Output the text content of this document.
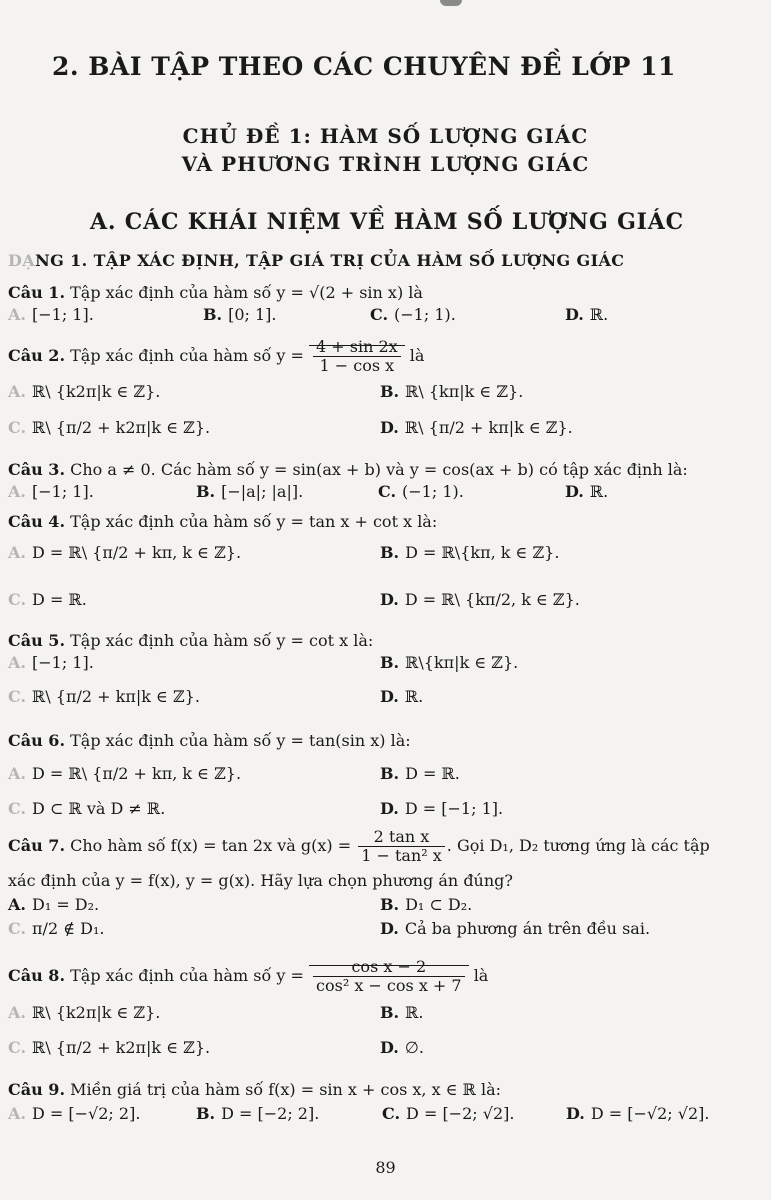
2. BÀI TẬP THEO CÁC CHUYÊN ĐỀ LỚP 11
CHỦ ĐỀ 1: HÀM SỐ LƯỢNG GIÁC
VÀ PHƯƠNG TRÌNH LƯỢNG GIÁC
A. CÁC KHÁI NIỆM VỀ HÀM SỐ LƯỢNG GIÁC
DẠNG 1. TẬP XÁC ĐỊNH, TẬP GIÁ TRỊ CỦA HÀM SỐ LƯỢNG GIÁC
Câu 1. Tập xác định của hàm số y = √(2 + sin x) là
A. [−1; 1].	B. [0; 1].	C. (−1; 1).	D. ℝ.
Câu 2. Tập xác định của hàm số $y = \frac{4 + \sin 2x}{\text{1 − cos x}}$ là
A. ℝ\ {k2π|k ∈ ℤ}.	B. ℝ\ {kπ|k ∈ ℤ}.
C. ℝ\ {π/2 + k2π|k ∈ ℤ}.	D. ℝ\ {π/2 + kπ|k ∈ ℤ}.
Câu 3. Cho a ≠ 0. Các hàm số y = sin(ax + b) và y = cos(ax + b) có tập xác định là:
A. [−1; 1].	B. [−|a|; |a|].	C. (−1; 1).	D. ℝ.
Câu 4. Tập xác định của hàm số y = tan x + cot x là:
A. D = ℝ\ {π/2 + kπ, k ∈ ℤ}.	B. D = ℝ\{kπ, k ∈ ℤ}.
C. D = ℝ.	D. D = ℝ\ {kπ/2, k ∈ ℤ}.
Câu 5. Tập xác định của hàm số y = cot x là:
A. [−1; 1].	B. ℝ\{kπ|k ∈ ℤ}.
C. ℝ\ {π/2 + kπ|k ∈ ℤ}.	D. ℝ.
Câu 6. Tập xác định của hàm số y = tan(sin x) là:
A. D = ℝ\ {π/2 + kπ, k ∈ ℤ}.	B. D = ℝ.
C. D ⊂ ℝ và D ≠ ℝ.	D. D = [−1; 1].
Câu 7. Cho hàm số f(x) = tan 2x và $g(x) = \frac{\text{2 tan x}}{\text{1 − tan² x}}$ . Gọi D₁, D₂ tương ứng là các tập
xác định của y = f(x), y = g(x). Hãy lựa chọn phương án đúng?
A. D₁ = D₂.	B. D₁ ⊂ D₂.
C. π/2 ∉ D₁.	D. Cả ba phương án trên đều sai.
Câu 8. Tập xác định của hàm số $y = \frac{\text{cos x − 2}}{\text{cos² x − cos x + 7}}$ là
A. ℝ\ {k2π|k ∈ ℤ}.	B. ℝ.
C. ℝ\ {π/2 + k2π|k ∈ ℤ}.	D. ∅.
Câu 9. Miền giá trị của hàm số f(x) = sin x + cos x, x ∈ ℝ là:
A. D = [−√2; 2].	B. D = [−2; 2].	C. D = [−2; √2].	D. D = [−√2; √2].
89
